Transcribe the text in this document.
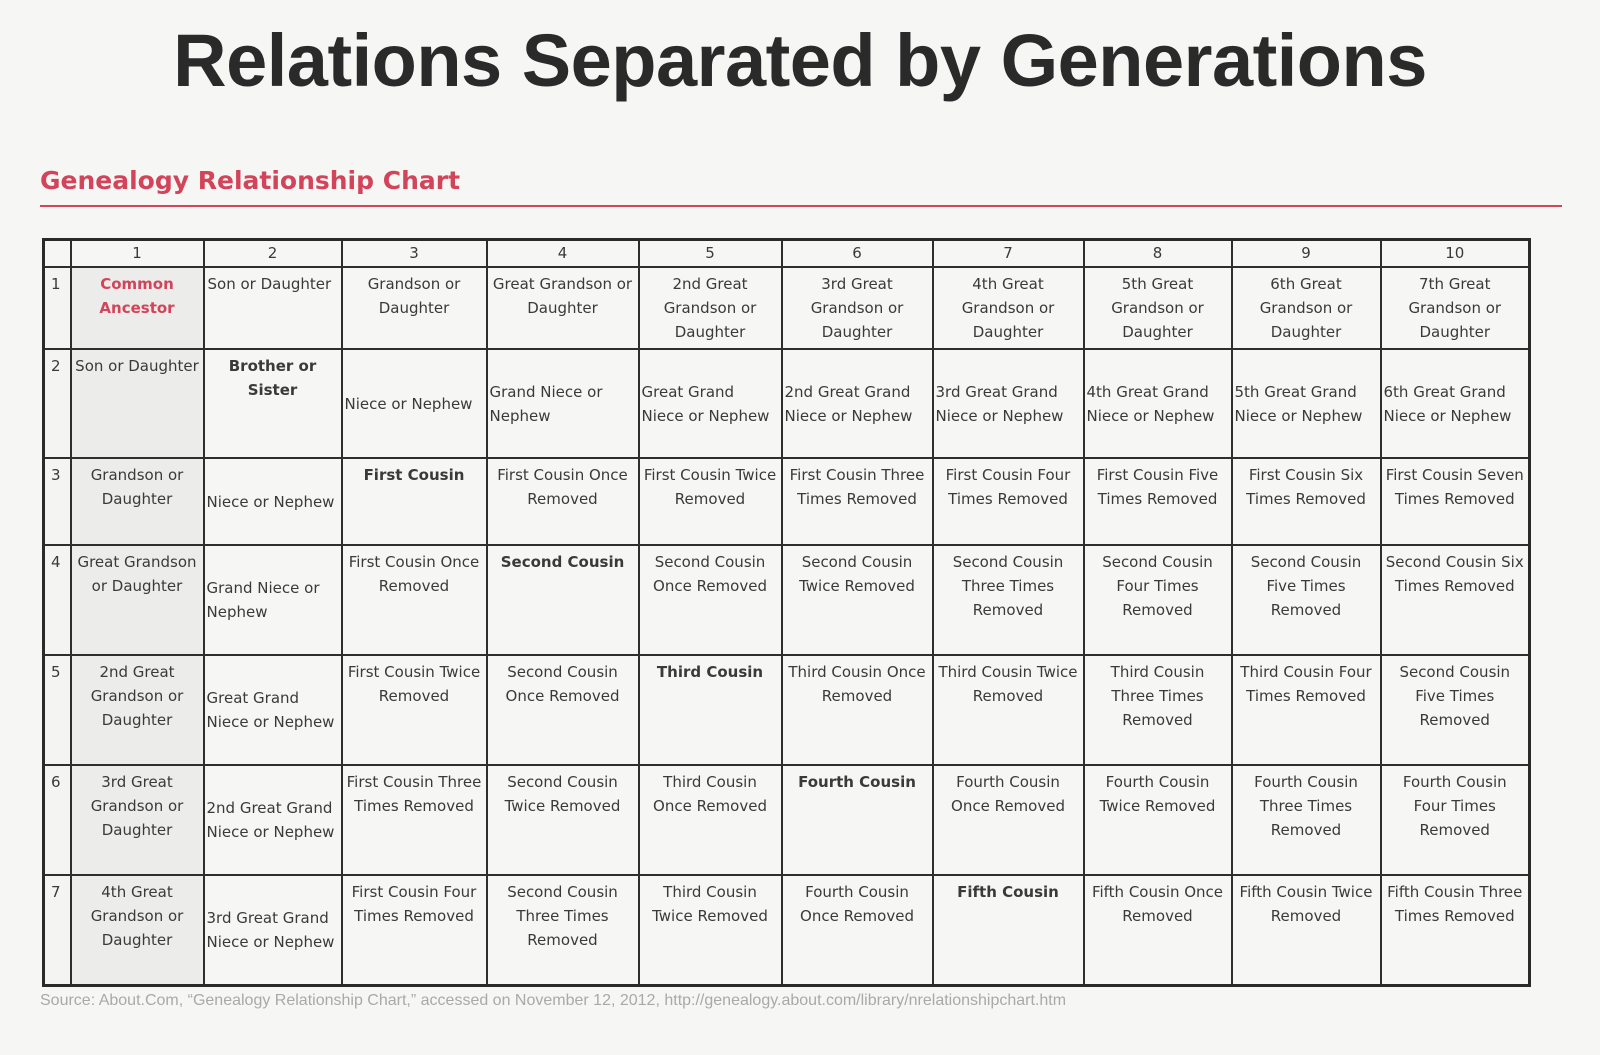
Relations Separated by Generations
Genealogy Relationship Chart
	1	2	3	4	5	6	7	8	9	10
1	Common Ancestor	Son or Daughter	Grandson or Daughter	Great Grandson or Daughter	2nd Great Grandson or Daughter	3rd Great Grandson or Daughter	4th Great Grandson or Daughter	5th Great Grandson or Daughter	6th Great Grandson or Daughter	7th Great Grandson or Daughter
2	Son or Daughter	Brother or Sister	Niece or Nephew	Grand Niece or Nephew	Great Grand Niece or Nephew	2nd Great Grand Niece or Nephew	3rd Great Grand Niece or Nephew	4th Great Grand Niece or Nephew	5th Great Grand Niece or Nephew	6th Great Grand Niece or Nephew
3	Grandson or Daughter	Niece or Nephew	First Cousin	First Cousin Once Removed	First Cousin Twice Removed	First Cousin Three Times Removed	First Cousin Four Times Removed	First Cousin Five Times Removed	First Cousin Six Times Removed	First Cousin Seven Times Removed
4	Great Grandson or Daughter	Grand Niece or Nephew	First Cousin Once Removed	Second Cousin	Second Cousin Once Removed	Second Cousin Twice Removed	Second Cousin Three Times Removed	Second Cousin Four Times Removed	Second Cousin Five Times Removed	Second Cousin Six Times Removed
5	2nd Great Grandson or Daughter	Great Grand Niece or Nephew	First Cousin Twice Removed	Second Cousin Once Removed	Third Cousin	Third Cousin Once Removed	Third Cousin Twice Removed	Third Cousin Three Times Removed	Third Cousin Four Times Removed	Second Cousin Five Times Removed
6	3rd Great Grandson or Daughter	2nd Great Grand Niece or Nephew	First Cousin Three Times Removed	Second Cousin Twice Removed	Third Cousin Once Removed	Fourth Cousin	Fourth Cousin Once Removed	Fourth Cousin Twice Removed	Fourth Cousin Three Times Removed	Fourth Cousin Four Times Removed
7	4th Great Grandson or Daughter	3rd Great Grand Niece or Nephew	First Cousin Four Times Removed	Second Cousin Three Times Removed	Third Cousin Twice Removed	Fourth Cousin Once Removed	Fifth Cousin	Fifth Cousin Once Removed	Fifth Cousin Twice Removed	Fifth Cousin Three Times Removed
Source: About.Com, “Genealogy Relationship Chart,” accessed on November 12, 2012, http://genealogy.about.com/library/nrelationshipchart.htm
